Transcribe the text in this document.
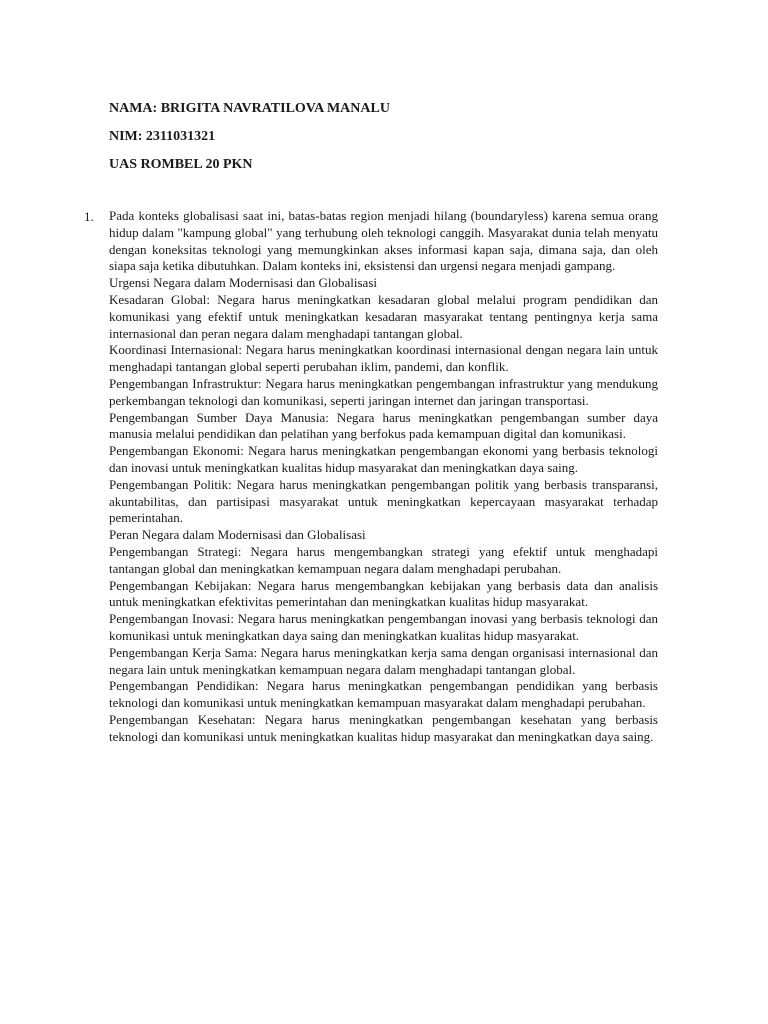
NAMA: BRIGITA NAVRATILOVA MANALU
NIM: 2311031321
UAS ROMBEL 20 PKN
1. Pada konteks globalisasi saat ini, batas-batas region menjadi hilang (boundaryless) karena semua orang hidup dalam "kampung global" yang terhubung oleh teknologi canggih. Masyarakat dunia telah menyatu dengan koneksitas teknologi yang memungkinkan akses informasi kapan saja, dimana saja, dan oleh siapa saja ketika dibutuhkan. Dalam konteks ini, eksistensi dan urgensi negara menjadi gampang.

Urgensi Negara dalam Modernisasi dan Globalisasi

Kesadaran Global: Negara harus meningkatkan kesadaran global melalui program pendidikan dan komunikasi yang efektif untuk meningkatkan kesadaran masyarakat tentang pentingnya kerja sama internasional dan peran negara dalam menghadapi tantangan global.

Koordinasi Internasional: Negara harus meningkatkan koordinasi internasional dengan negara lain untuk menghadapi tantangan global seperti perubahan iklim, pandemi, dan konflik.

Pengembangan Infrastruktur: Negara harus meningkatkan pengembangan infrastruktur yang mendukung perkembangan teknologi dan komunikasi, seperti jaringan internet dan jaringan transportasi.

Pengembangan Sumber Daya Manusia: Negara harus meningkatkan pengembangan sumber daya manusia melalui pendidikan dan pelatihan yang berfokus pada kemampuan digital dan komunikasi.

Pengembangan Ekonomi: Negara harus meningkatkan pengembangan ekonomi yang berbasis teknologi dan inovasi untuk meningkatkan kualitas hidup masyarakat dan meningkatkan daya saing.

Pengembangan Politik: Negara harus meningkatkan pengembangan politik yang berbasis transparansi, akuntabilitas, dan partisipasi masyarakat untuk meningkatkan kepercayaan masyarakat terhadap pemerintahan.

Peran Negara dalam Modernisasi dan Globalisasi

Pengembangan Strategi: Negara harus mengembangkan strategi yang efektif untuk menghadapi tantangan global dan meningkatkan kemampuan negara dalam menghadapi perubahan.

Pengembangan Kebijakan: Negara harus mengembangkan kebijakan yang berbasis data dan analisis untuk meningkatkan efektivitas pemerintahan dan meningkatkan kualitas hidup masyarakat.

Pengembangan Inovasi: Negara harus meningkatkan pengembangan inovasi yang berbasis teknologi dan komunikasi untuk meningkatkan daya saing dan meningkatkan kualitas hidup masyarakat.

Pengembangan Kerja Sama: Negara harus meningkatkan kerja sama dengan organisasi internasional dan negara lain untuk meningkatkan kemampuan negara dalam menghadapi tantangan global.

Pengembangan Pendidikan: Negara harus meningkatkan pengembangan pendidikan yang berbasis teknologi dan komunikasi untuk meningkatkan kemampuan masyarakat dalam menghadapi perubahan.

Pengembangan Kesehatan: Negara harus meningkatkan pengembangan kesehatan yang berbasis teknologi dan komunikasi untuk meningkatkan kualitas hidup masyarakat dan meningkatkan daya saing.
